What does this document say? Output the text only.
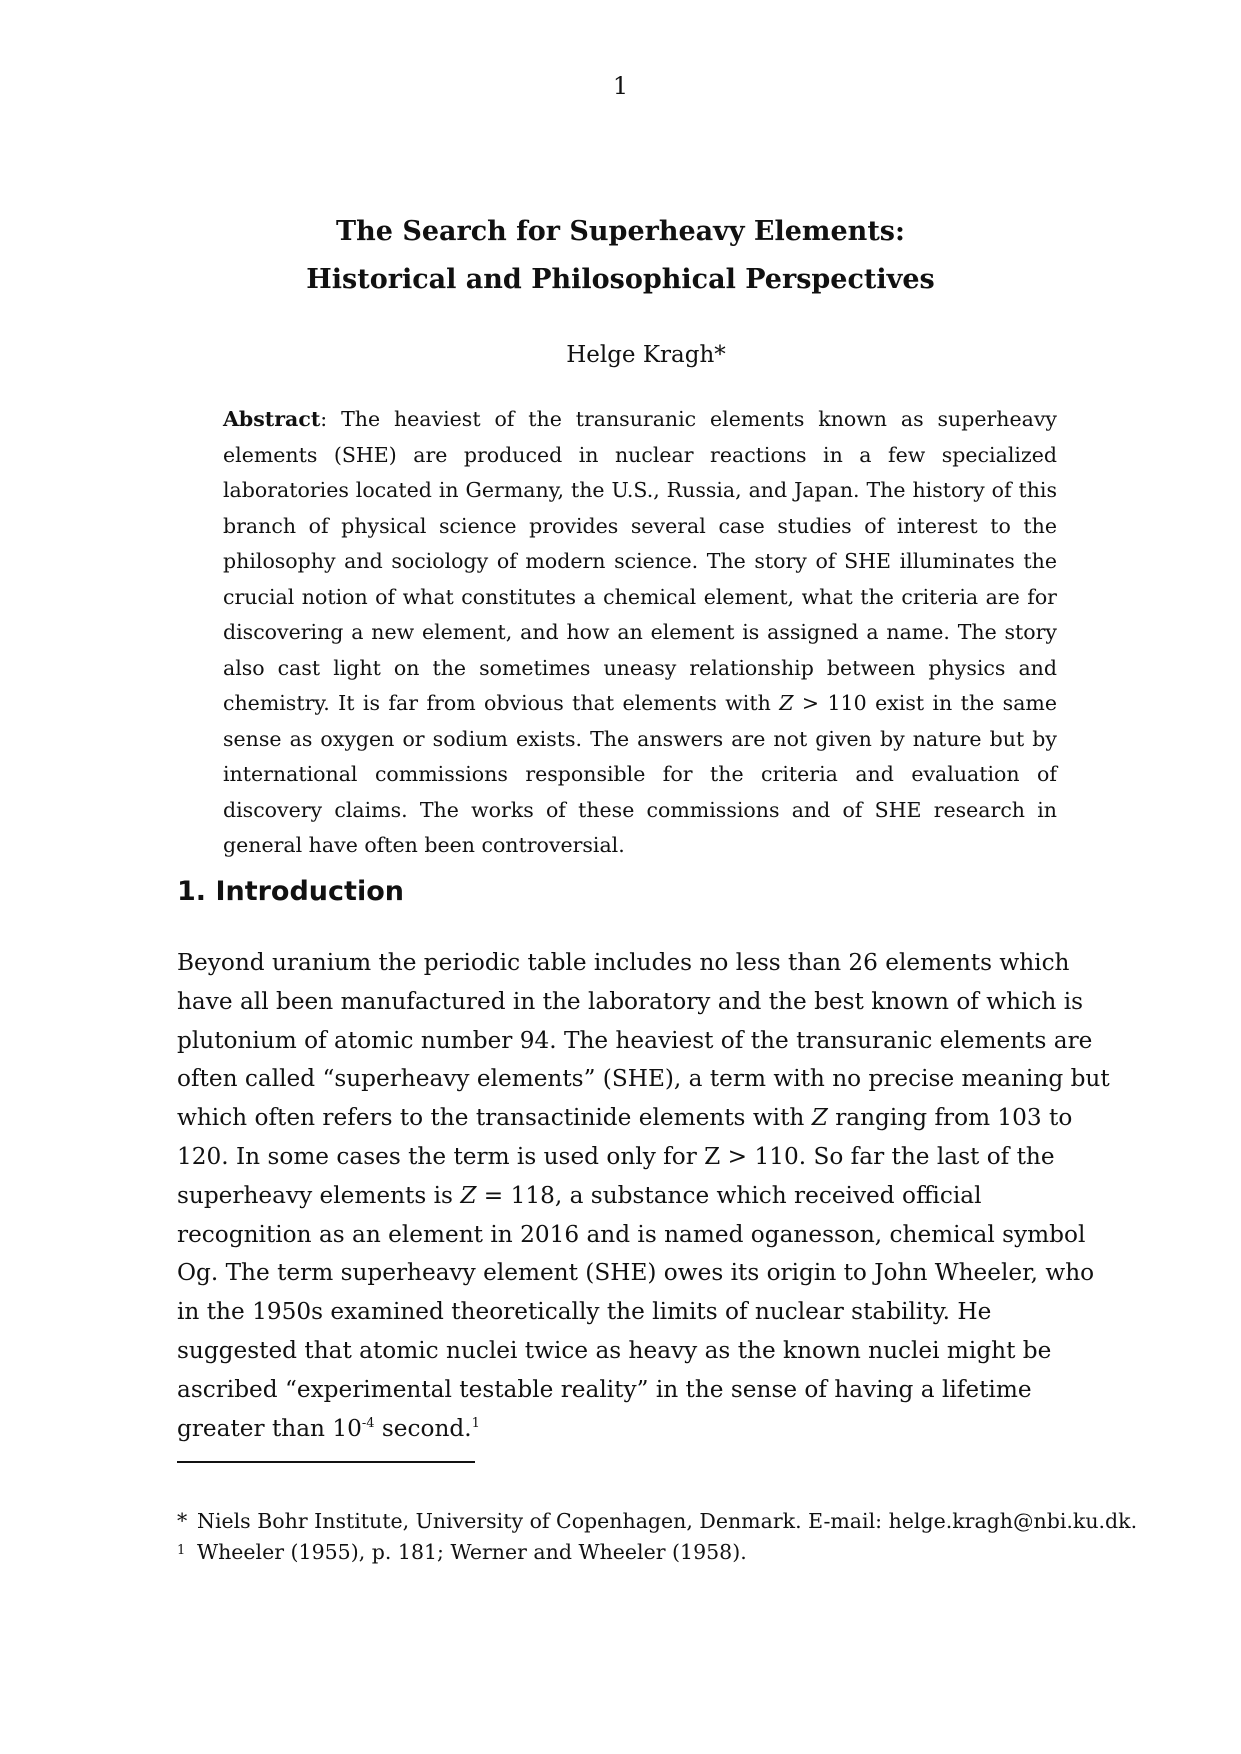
1
The Search for Superheavy Elements:
Historical and Philosophical Perspectives
Helge Kragh*

Abstract: The heaviest of the transuranic elements known as superheavy elements (SHE) are produced in nuclear reactions in a few specialized laboratories located in Germany, the U.S., Russia, and Japan. The history of this branch of physical science provides several case studies of interest to the philosophy and sociology of modern science. The story of SHE illuminates the crucial notion of what constitutes a chemical element, what the criteria are for discovering a new element, and how an element is assigned a name. The story also cast light on the sometimes uneasy relationship between physics and chemistry. It is far from obvious that elements with Z > 110 exist in the same sense as oxygen or sodium exists. The answers are not given by nature but by international commissions responsible for the criteria and evaluation of discovery claims. The works of these commissions and of SHE research in general have often been controversial.

1. Introduction

Beyond uranium the periodic table includes no less than 26 elements which have all been manufactured in the laboratory and the best known of which is plutonium of atomic number 94. The heaviest of the transuranic elements are often called “superheavy elements” (SHE), a term with no precise meaning but which often refers to the transactinide elements with Z ranging from 103 to 120. In some cases the term is used only for Z > 110. So far the last of the superheavy elements is Z = 118, a substance which received official recognition as an element in 2016 and is named oganesson, chemical symbol Og. The term superheavy element (SHE) owes its origin to John Wheeler, who in the 1950s examined theoretically the limits of nuclear stability. He suggested that atomic nuclei twice as heavy as the known nuclei might be ascribed “experimental testable reality” in the sense of having a lifetime greater than $10^{-4}$ second.$^1$

* Niels Bohr Institute, University of Copenhagen, Denmark. E-mail: helge.kragh@nbi.ku.dk.

1 Wheeler (1955), p. 181; Werner and Wheeler (1958).
